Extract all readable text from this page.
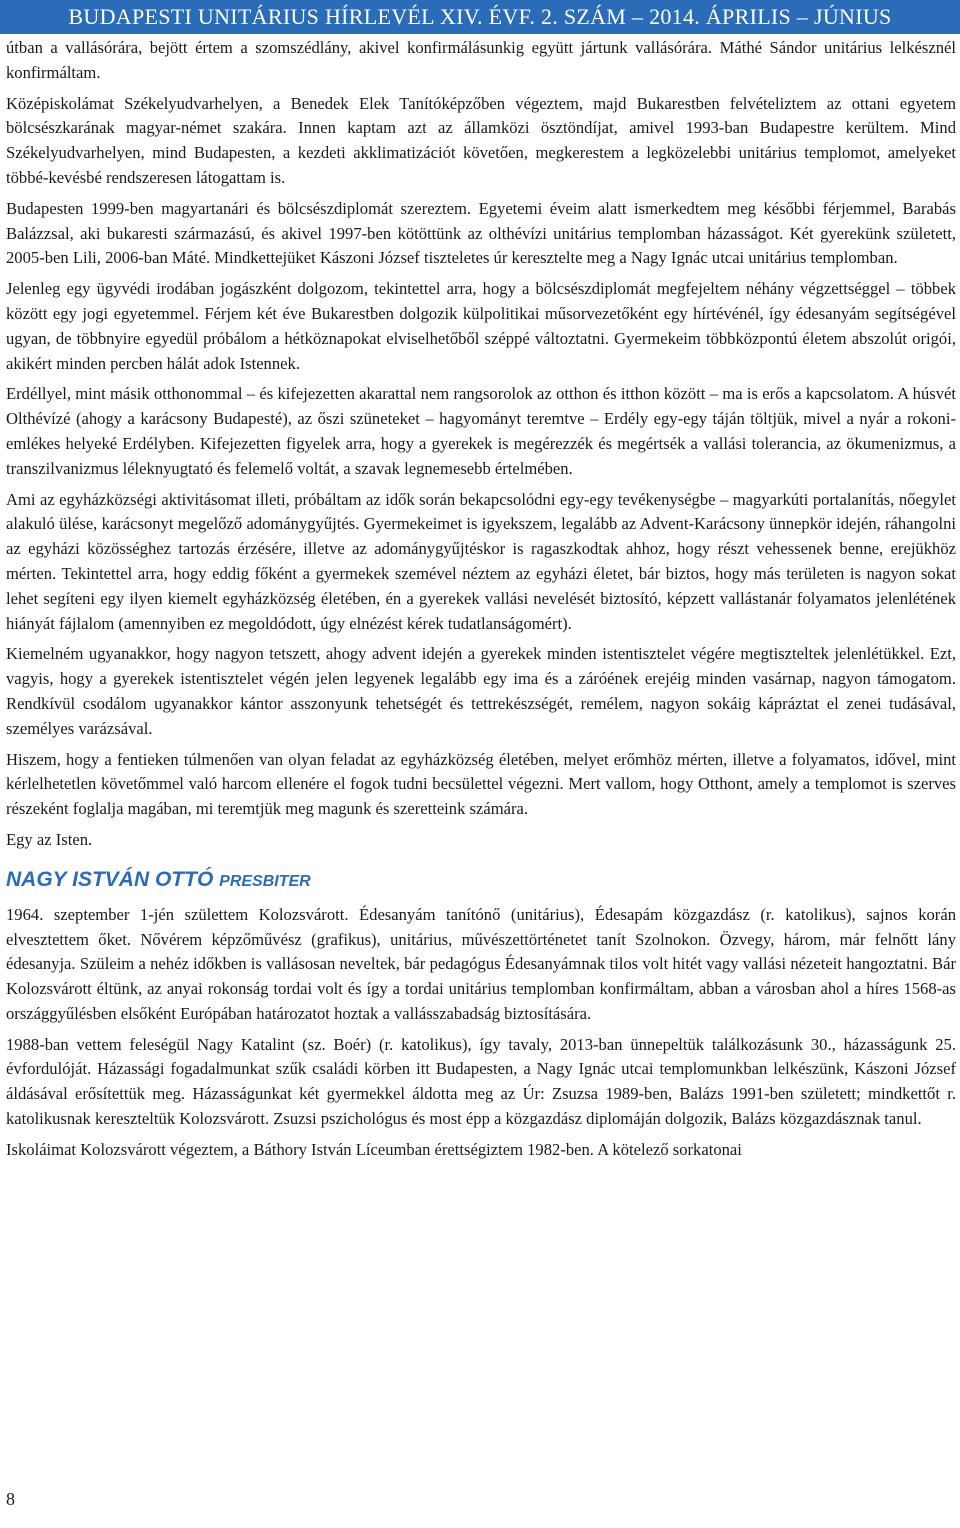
BUDAPESTI UNITÁRIUS HÍRLEVÉL XIV. ÉVF. 2. SZÁM – 2014. ÁPRILIS – JÚNIUS

útban a vallásórára, bejött értem a szomszédlány, akivel konfirmálásunkig együtt jártunk vallásórára. Máthé Sándor unitárius lelkésznél konfirmáltam.

Középiskolámat Székelyudvarhelyen, a Benedek Elek Tanítóképzőben végeztem, majd Bukarestben felvételiztem az ottani egyetem bölcsészkarának magyar-német szakára. Innen kaptam azt az államközi ösztöndíjat, amivel 1993-ban Budapestre kerültem. Mind Székelyudvarhelyen, mind Budapesten, a kezdeti akklimatizációt követően, megkerestem a legközelebbi unitárius templomot, amelyeket többé-kevésbé rendszeresen látogattam is.

Budapesten 1999-ben magyartanári és bölcsészdiplomát szereztem. Egyetemi éveim alatt ismerkedtem meg későbbi férjemmel, Barabás Balázzsal, aki bukaresti származású, és akivel 1997-ben kötöttünk az olthévízi unitárius templomban házasságot. Két gyerekünk született, 2005-ben Lili, 2006-ban Máté. Mindkettejüket Kászoni József tiszteletes úr keresztelte meg a Nagy Ignác utcai unitárius templomban.

Jelenleg egy ügyvédi irodában jogászként dolgozom, tekintettel arra, hogy a bölcsészdiplomát megfejeltem néhány végzettséggel – többek között egy jogi egyetemmel. Férjem két éve Bukarestben dolgozik külpolitikai műsorvezetőként egy hírtévénél, így édesanyám segítségével ugyan, de többnyire egyedül próbálom a hétköznapokat elviselhetőből széppé változtatni. Gyermekeim többközpontú életem abszolút origói, akikért minden percben hálát adok Istennek.

Erdéllyel, mint másik otthonommal – és kifejezetten akarattal nem rangsorolok az otthon és itthon között – ma is erős a kapcsolatom. A húsvét Olthévízé (ahogy a karácsony Budapesté), az őszi szüneteket – hagyományt teremtve – Erdély egy-egy táján töltjük, mivel a nyár a rokoni-emlékes helyeké Erdélyben. Kifejezetten figyelek arra, hogy a gyerekek is megérezzék és megértsék a vallási tolerancia, az ökumenizmus, a transzilvanizmus léleknyugtató és felemelő voltát, a szavak legnemesebb értelmében.

Ami az egyházközségi aktivitásomat illeti, próbáltam az idők során bekapcsolódni egy-egy tevékenységbe – magyarkúti portalanítás, nőegylet alakuló ülése, karácsonyt megelőző adománygyűjtés. Gyermekeimet is igyekszem, legalább az Advent-Karácsony ünnepkör idején, ráhangolni az egyházi közösséghez tartozás érzésére, illetve az adománygyűjtéskor is ragaszkodtak ahhoz, hogy részt vehessenek benne, erejükhöz mérten. Tekintettel arra, hogy eddig főként a gyermekek szemével néztem az egyházi életet, bár biztos, hogy más területen is nagyon sokat lehet segíteni egy ilyen kiemelt egyházközség életében, én a gyerekek vallási nevelését biztosító, képzett vallástanár folyamatos jelenlétének hiányát fájlalom (amennyiben ez megoldódott, úgy elnézést kérek tudatlanságomért).

Kiemelném ugyanakkor, hogy nagyon tetszett, ahogy advent idején a gyerekek minden istentisztelet végére megtiszteltek jelenlétükkel. Ezt, vagyis, hogy a gyerekek istentisztelet végén jelen legyenek legalább egy ima és a záróének erejéig minden vasárnap, nagyon támogatom. Rendkívül csodálom ugyanakkor kántor asszonyunk tehetségét és tettrekészségét, remélem, nagyon sokáig kápráztat el zenei tudásával, személyes varázsával.

Hiszem, hogy a fentieken túlmenően van olyan feladat az egyházközség életében, melyet erőmhöz mérten, illetve a folyamatos, idővel, mint kérlelhetetlen követőmmel való harcom ellenére el fogok tudni becsülettel végezni. Mert vallom, hogy Otthont, amely a templomot is szerves részeként foglalja magában, mi teremtjük meg magunk és szeretteink számára.

Egy az Isten.

NAGY ISTVÁN OTTÓ PRESBITER

1964. szeptember 1-jén születtem Kolozsvárott. Édesanyám tanítónő (unitárius), Édesapám közgazdász (r. katolikus), sajnos korán elvesztettem őket. Nővérem képzőművész (grafikus), unitárius, művészettörténetet tanít Szolnokon. Özvegy, három, már felnőtt lány édesanyja. Szüleim a nehéz időkben is vallásosan neveltek, bár pedagógus Édesanyámnak tilos volt hitét vagy vallási nézeteit hangoztatni. Bár Kolozsvárott éltünk, az anyai rokonság tordai volt és így a tordai unitárius templomban konfirmáltam, abban a városban ahol a híres 1568-as országgyűlésben elsőként Európában határozatot hoztak a vallásszabadság biztosítására.

1988-ban vettem feleségül Nagy Katalint (sz. Boér) (r. katolikus), így tavaly, 2013-ban ünnepeltük találkozásunk 30., házasságunk 25. évfordulóját. Házassági fogadalmunkat szűk családi körben itt Budapesten, a Nagy Ignác utcai templomunkban lelkészünk, Kászoni József áldásával erősítettük meg. Házasságunkat két gyermekkel áldotta meg az Úr: Zsuzsa 1989-ben, Balázs 1991-ben született; mindkettőt r. katolikusnak kereszteltük Kolozsvárott. Zsuzsi pszichológus és most épp a közgazdász diplomáján dolgozik, Balázs közgazdásznak tanul.

Iskoláimat Kolozsvárott végeztem, a Báthory István Líceumban érettségiztem 1982-ben. A kötelező sorkatonai

8
